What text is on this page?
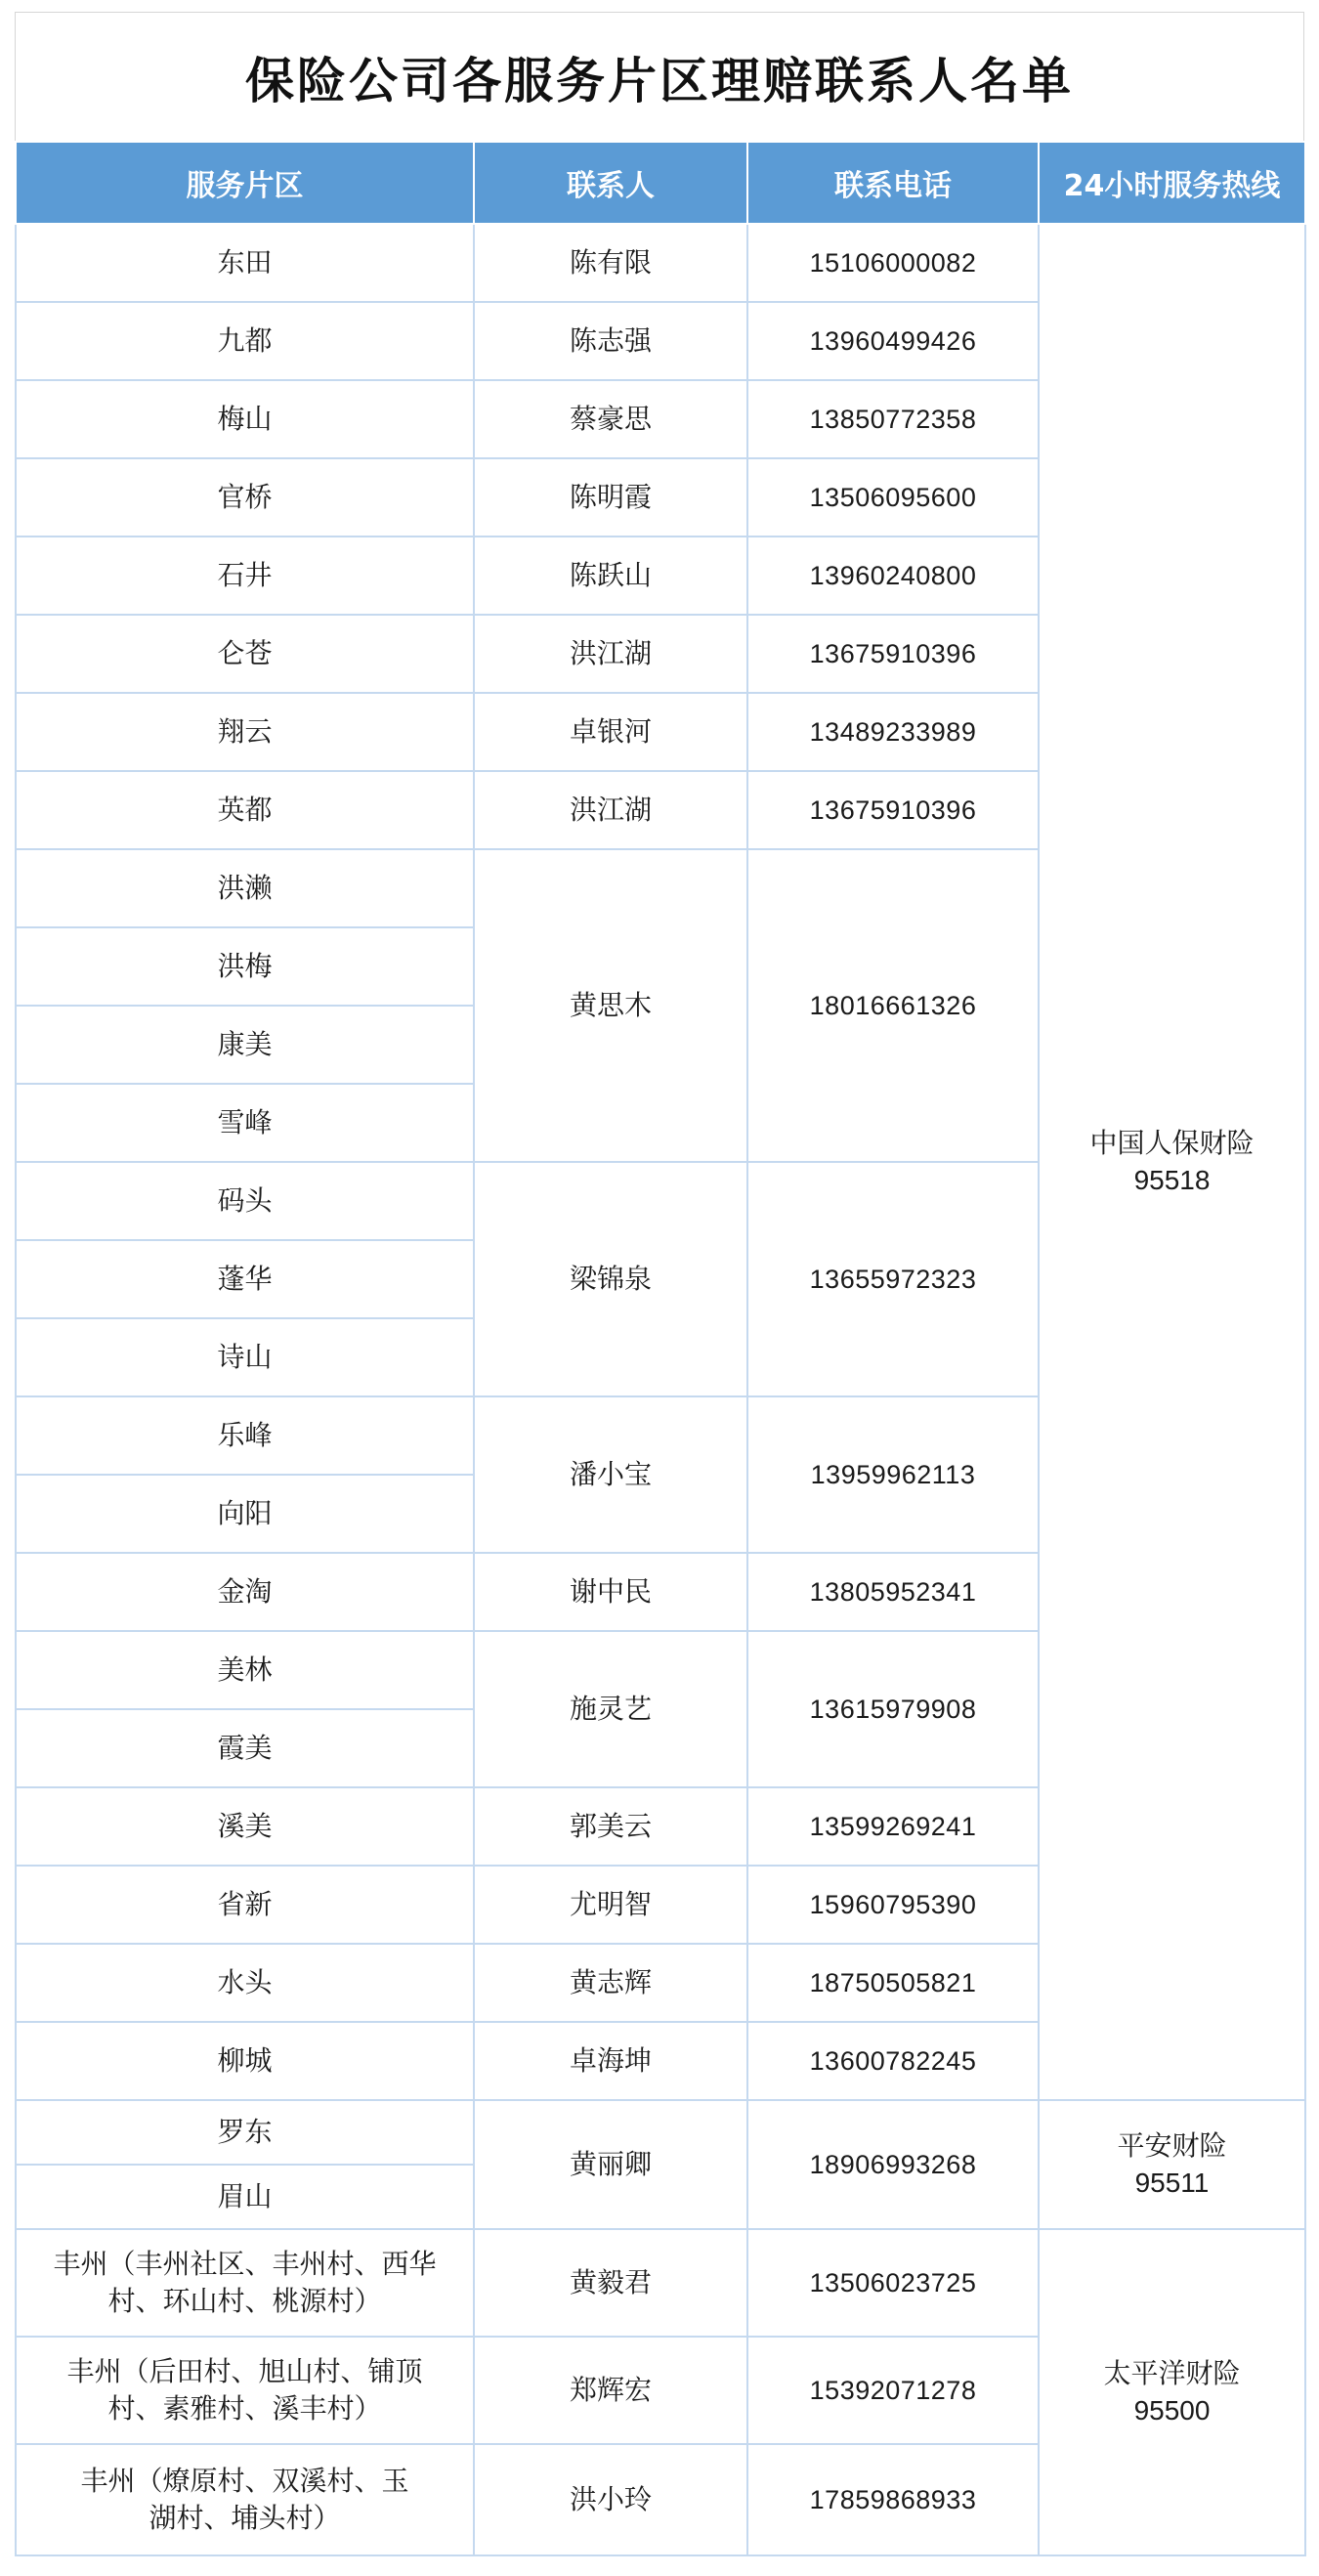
保险公司各服务片区理赔联系人名单
服务片区	联系人	联系电话	24小时服务热线
东田	陈有限	15106000082	中国人保财险
95518

九都	陈志强	13960499426	
梅山	蔡豪思	13850772358	
官桥	陈明霞	13506095600	
石井	陈跃山	13960240800	
仑苍	洪江湖	13675910396	
翔云	卓银河	13489233989	
英都	洪江湖	13675910396	
洪濑	黄思木	18016661326	
洪梅			
康美			
雪峰			
码头	梁锦泉	13655972323	
蓬华			
诗山			
乐峰	潘小宝	13959962113	
向阳			
金淘	谢中民	13805952341	
美林	施灵艺	13615979908	
霞美			
溪美	郭美云	13599269241	
省新	尤明智	15960795390	
水头	黄志辉	18750505821	
柳城	卓海坤	13600782245	
罗东	黄丽卿	18906993268	平安财险
95511

眉山			
丰州（丰州社区、丰州村、西华村、环山村、桃源村）	黄毅君	13506023725	太平洋财险
95500

丰州（后田村、旭山村、铺顶村、素雅村、溪丰村）	郑辉宏	15392071278	
丰州（燎原村、双溪村、玉湖村、埔头村）	洪小玲	17859868933	
